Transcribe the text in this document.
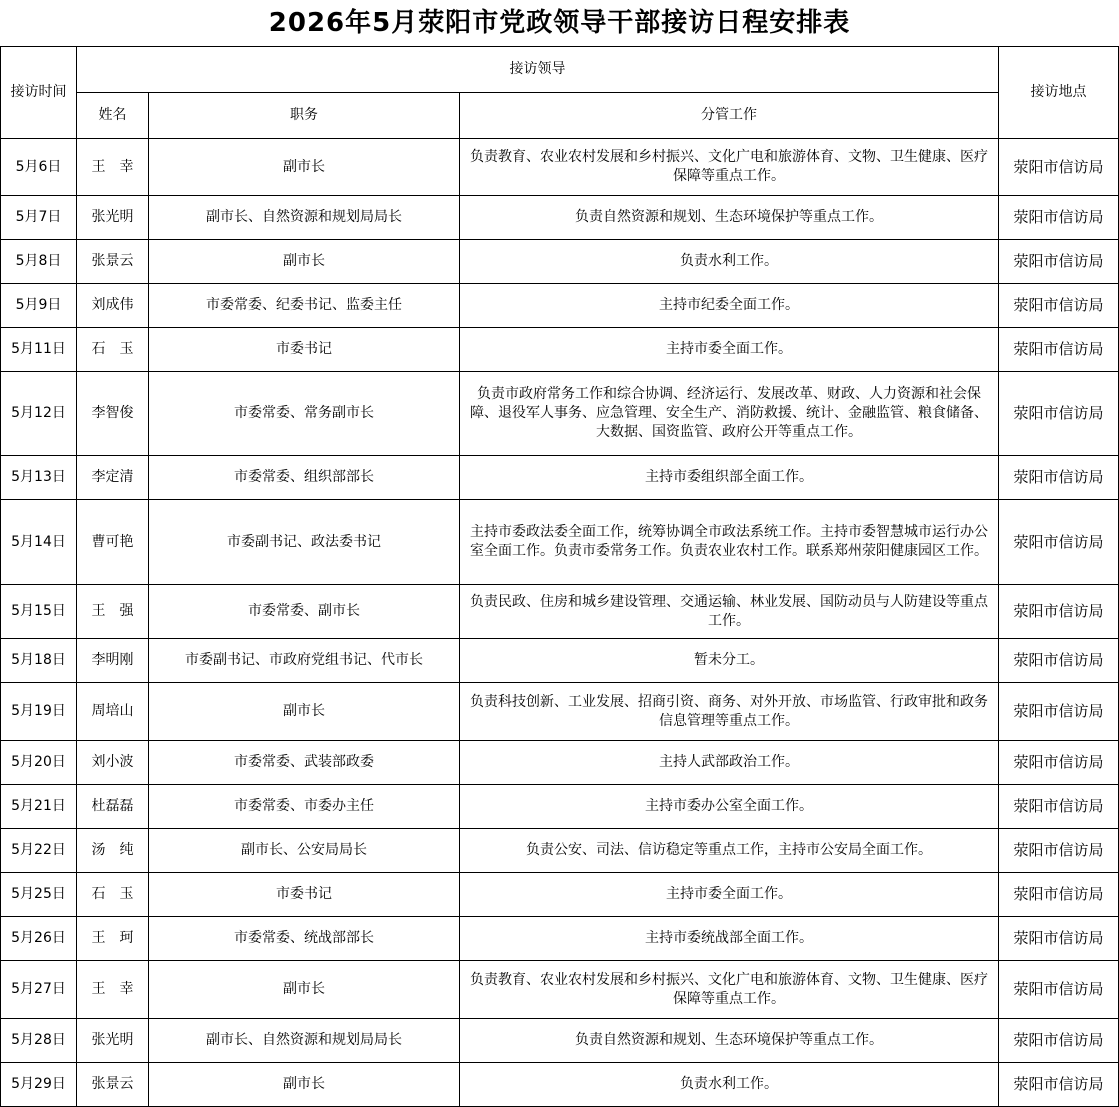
2026年5月荥阳市党政领导干部接访日程安排表
接访时间	接访领导			接访地点
	姓名	职务	分管工作	
5月6日	王　幸	副市长	负责教育、农业农村发展和乡村振兴、文化广电和旅游体育、文物、卫生健康、医疗保障等重点工作。	荥阳市信访局
5月7日	张光明	副市长、自然资源和规划局局长	负责自然资源和规划、生态环境保护等重点工作。	荥阳市信访局
5月8日	张景云	副市长	负责水利工作。	荥阳市信访局
5月9日	刘成伟	市委常委、纪委书记、监委主任	主持市纪委全面工作。	荥阳市信访局
5月11日	石　玉	市委书记	主持市委全面工作。	荥阳市信访局
5月12日	李智俊	市委常委、常务副市长	负责市政府常务工作和综合协调、经济运行、发展改革、财政、人力资源和社会保障、退役军人事务、应急管理、安全生产、消防救援、统计、金融监管、粮食储备、大数据、国资监管、政府公开等重点工作。	荥阳市信访局
5月13日	李定清	市委常委、组织部部长	主持市委组织部全面工作。	荥阳市信访局
5月14日	曹可艳	市委副书记、政法委书记	主持市委政法委全面工作，统筹协调全市政法系统工作。主持市委智慧城市运行办公室全面工作。负责市委常务工作。负责农业农村工作。联系郑州荥阳健康园区工作。	荥阳市信访局
5月15日	王　强	市委常委、副市长	负责民政、住房和城乡建设管理、交通运输、林业发展、国防动员与人防建设等重点工作。	荥阳市信访局
5月18日	李明刚	市委副书记、市政府党组书记、代市长	暂未分工。	荥阳市信访局
5月19日	周培山	副市长	负责科技创新、工业发展、招商引资、商务、对外开放、市场监管、行政审批和政务信息管理等重点工作。	荥阳市信访局
5月20日	刘小波	市委常委、武装部政委	主持人武部政治工作。	荥阳市信访局
5月21日	杜磊磊	市委常委、市委办主任	主持市委办公室全面工作。	荥阳市信访局
5月22日	汤　纯	副市长、公安局局长	负责公安、司法、信访稳定等重点工作，主持市公安局全面工作。	荥阳市信访局
5月25日	石　玉	市委书记	主持市委全面工作。	荥阳市信访局
5月26日	王　珂	市委常委、统战部部长	主持市委统战部全面工作。	荥阳市信访局
5月27日	王　幸	副市长	负责教育、农业农村发展和乡村振兴、文化广电和旅游体育、文物、卫生健康、医疗保障等重点工作。	荥阳市信访局
5月28日	张光明	副市长、自然资源和规划局局长	负责自然资源和规划、生态环境保护等重点工作。	荥阳市信访局
5月29日	张景云	副市长	负责水利工作。	荥阳市信访局
